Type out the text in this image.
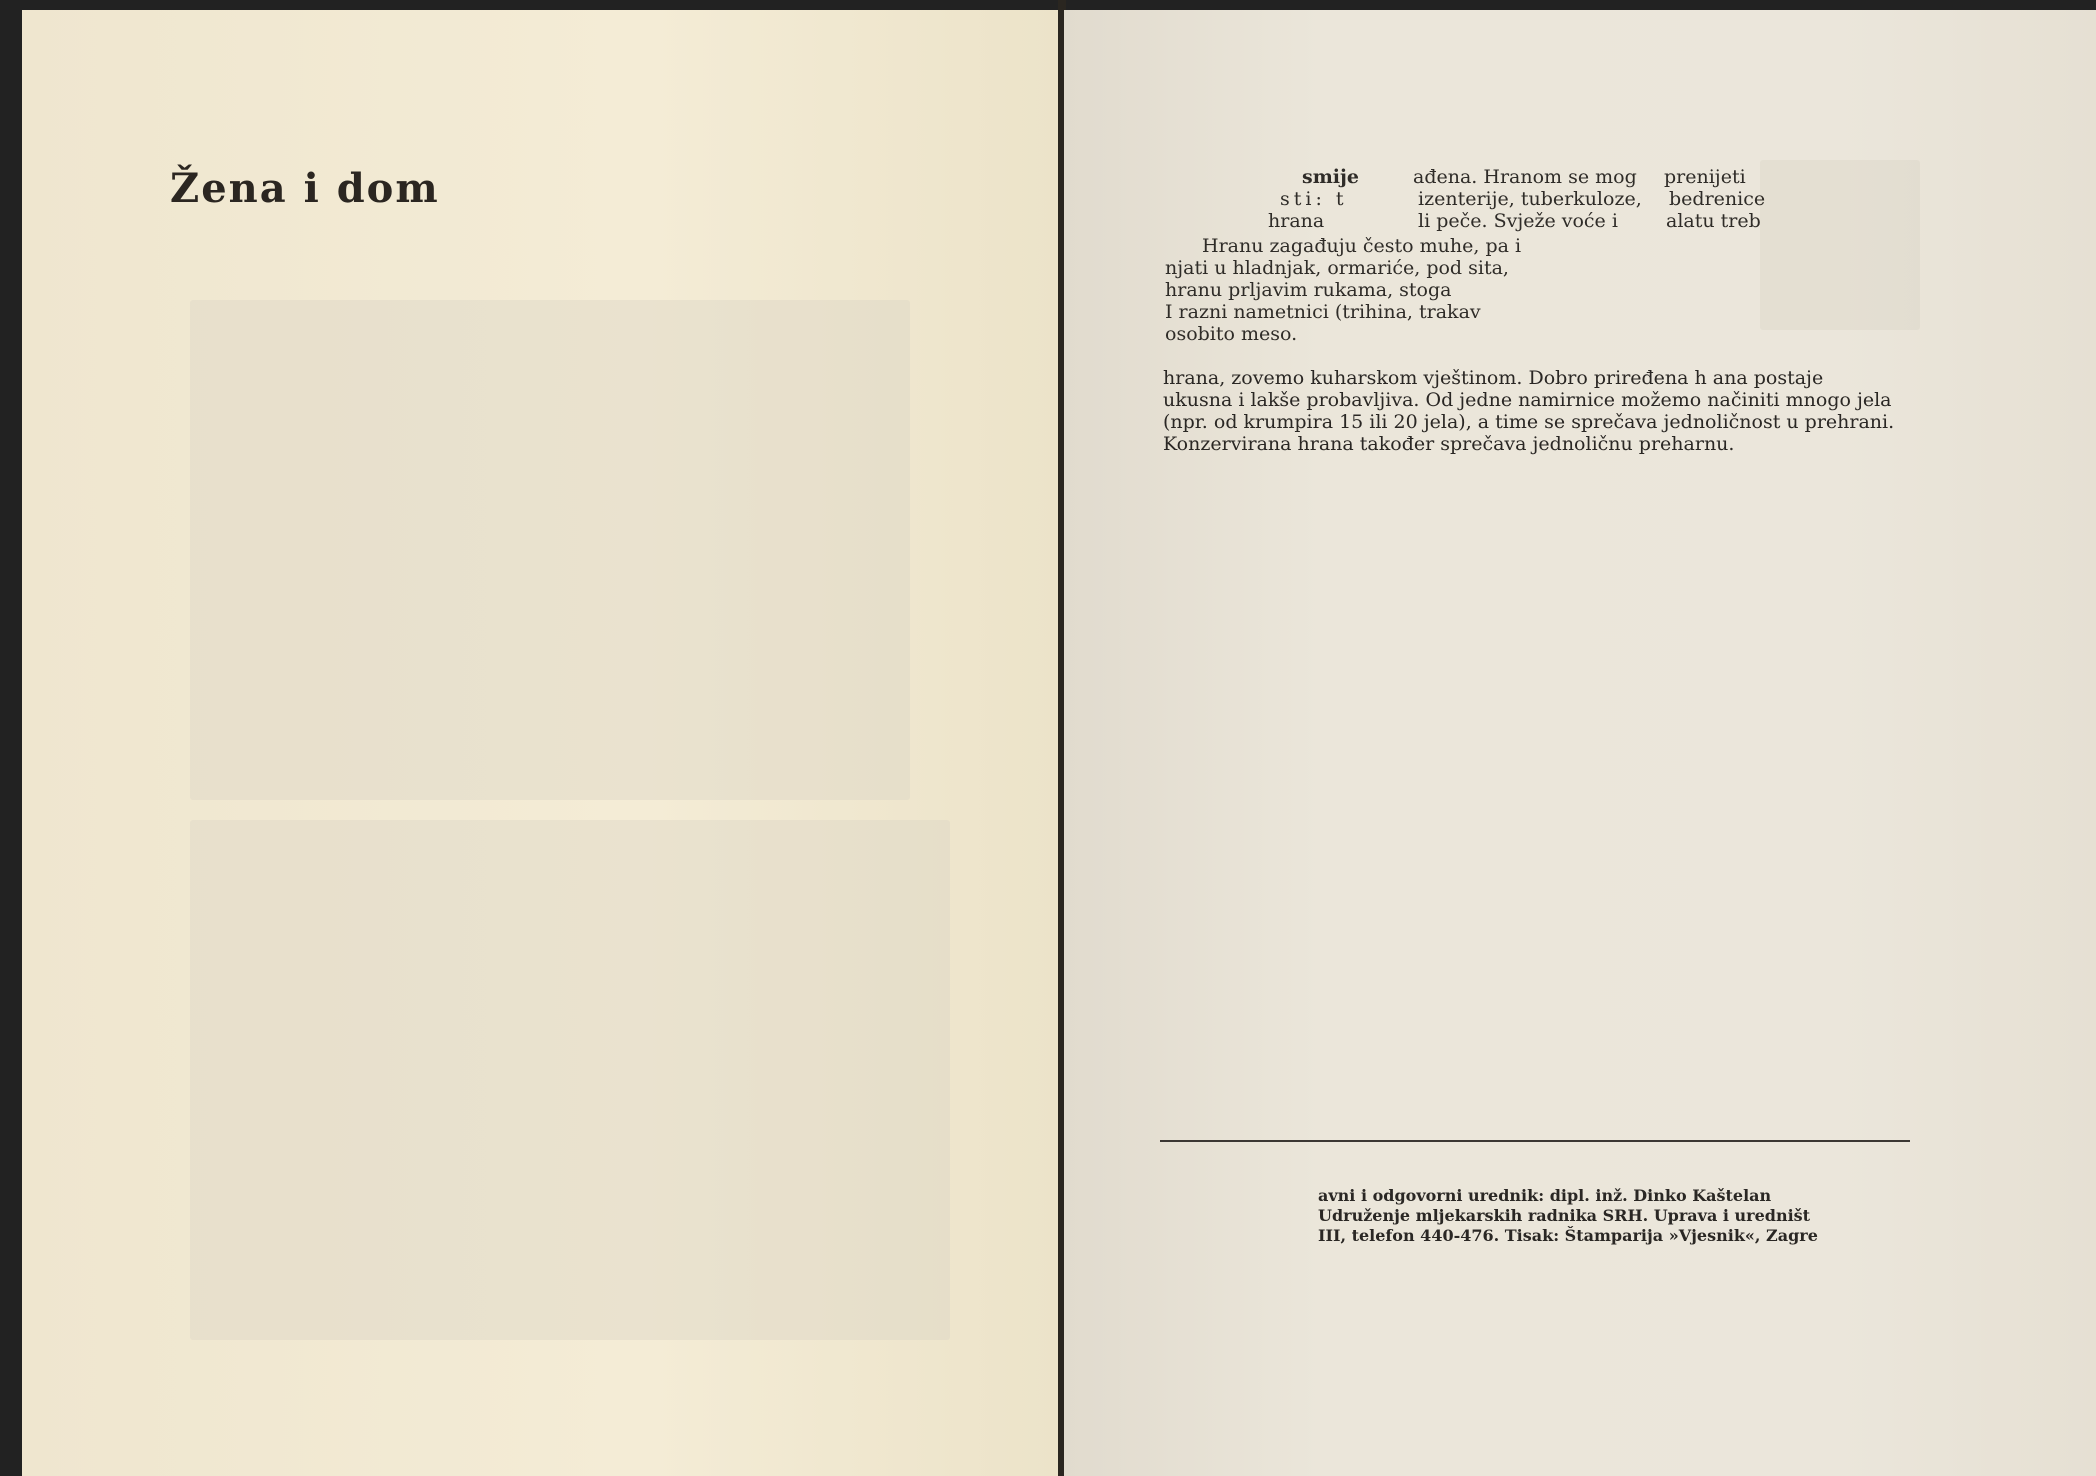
Žena i dom	smije
sti: t
hrana
ađena. Hranom se mog
izenterije, tuberkuloze,
li peče. Svježe voće i
prenijeti
bedrenice
alatu treb
Hranu zagađuju često muhe, pa i
njati u hladnjak, ormariće, pod sita,
hranu prljavim rukama, stoga
I razni nametnici (trihina, trakav
osobito meso.

hrana, zovemo kuharskom vještinom. Dobro priređena h ana postaje

ukusna i lakše probavljiva. Od jedne namirnice možemo načiniti mnogo jela

(npr. od krumpira 15 ili 20 jela), a time se sprečava jednoličnost u prehrani.

Konzervirana hrana također sprečava jednoličnu preharnu.

avni i odgovorni urednik: dipl. inž. Dinko Kaštelan

Udruženje mljekarskih radnika SRH. Uprava i uredništ

III, telefon 440-476. Tisak: Štamparija »Vjesnik«, Zagre
